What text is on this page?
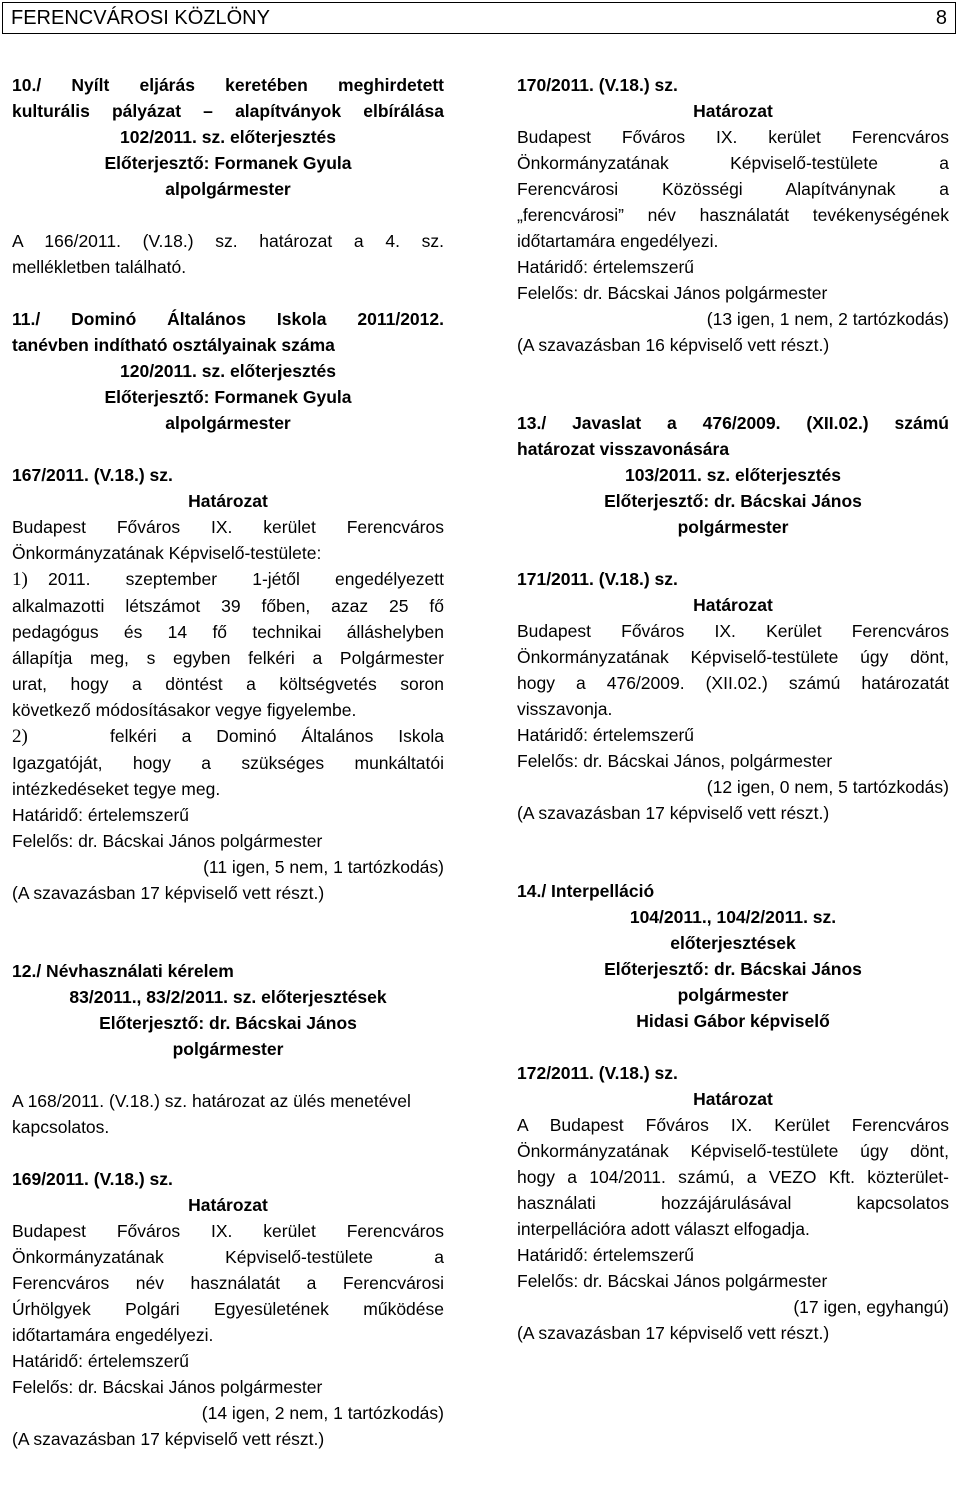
FERENCVÁROSI KÖZLÖNY	8

10./ Nyílt eljárás keretében meghirdetett

kulturális pályázat – alapítványok elbírálása

102/2011. sz. előterjesztés

Előterjesztő: Formanek Gyula

alpolgármester

A 166/2011. (V.18.) sz. határozat a 4. sz.

mellékletben található.

11./ Dominó Általános Iskola 2011/2012.

tanévben indítható osztályainak száma

120/2011. sz. előterjesztés

Előterjesztő: Formanek Gyula

alpolgármester

167/2011. (V.18.) sz.

Határozat

Budapest Főváros IX. kerület Ferencváros

Önkormányzatának Képviselő-testülete:

1) 2011. szeptember 1-jétől engedélyezett

alkalmazotti létszámot 39 főben, azaz 25 fő

pedagógus és 14 fő technikai álláshelyben

állapítja meg, s egyben felkéri a Polgármester

urat, hogy a döntést a költségvetés soron

következő módosításakor vegye figyelembe.

2)	felkéri a Dominó Általános Iskola

Igazgatóját, hogy a szükséges munkáltatói

intézkedéseket tegye meg.

Határidő: értelemszerű

Felelős: dr. Bácskai János polgármester

(11 igen, 5 nem, 1 tartózkodás)

(A szavazásban 17 képviselő vett részt.)

12./ Névhasználati kérelem

83/2011., 83/2/2011. sz. előterjesztések

Előterjesztő: dr. Bácskai János

polgármester

A 168/2011. (V.18.) sz. határozat az ülés menetével

kapcsolatos.

169/2011. (V.18.) sz.

Határozat

Budapest Főváros IX. kerület Ferencváros

Önkormányzatának Képviselő-testülete a

Ferencváros név használatát a Ferencvárosi

Úrhölgyek Polgári Egyesületének működése

időtartamára engedélyezi.

Határidő: értelemszerű

Felelős: dr. Bácskai János polgármester

(14 igen, 2 nem, 1 tartózkodás)

(A szavazásban 17 képviselő vett részt.)

170/2011. (V.18.) sz.

Határozat

Budapest Főváros IX. kerület Ferencváros

Önkormányzatának Képviselő-testülete a

Ferencvárosi Közösségi Alapítványnak a

„ferencvárosi” név használatát tevékenységének

időtartamára engedélyezi.

Határidő: értelemszerű

Felelős: dr. Bácskai János polgármester

(13 igen, 1 nem, 2 tartózkodás)

(A szavazásban 16 képviselő vett részt.)

13./ Javaslat a 476/2009. (XII.02.) számú

határozat visszavonására

103/2011. sz. előterjesztés

Előterjesztő: dr. Bácskai János

polgármester

171/2011. (V.18.) sz.

Határozat

Budapest Főváros IX. Kerület Ferencváros

Önkormányzatának Képviselő-testülete úgy dönt,

hogy a 476/2009. (XII.02.) számú határozatát

visszavonja.

Határidő: értelemszerű

Felelős: dr. Bácskai János, polgármester

(12 igen, 0 nem, 5 tartózkodás)

(A szavazásban 17 képviselő vett részt.)

14./ Interpelláció

104/2011., 104/2/2011. sz.

előterjesztések

Előterjesztő: dr. Bácskai János

polgármester

Hidasi Gábor képviselő

172/2011. (V.18.) sz.

Határozat

A Budapest Főváros IX. Kerület Ferencváros

Önkormányzatának Képviselő-testülete úgy dönt,

hogy a 104/2011. számú, a VEZO Kft. közterület-

használati hozzájárulásával kapcsolatos

interpellációra adott választ elfogadja.

Határidő: értelemszerű

Felelős: dr. Bácskai János polgármester

(17 igen, egyhangú)

(A szavazásban 17 képviselő vett részt.)
